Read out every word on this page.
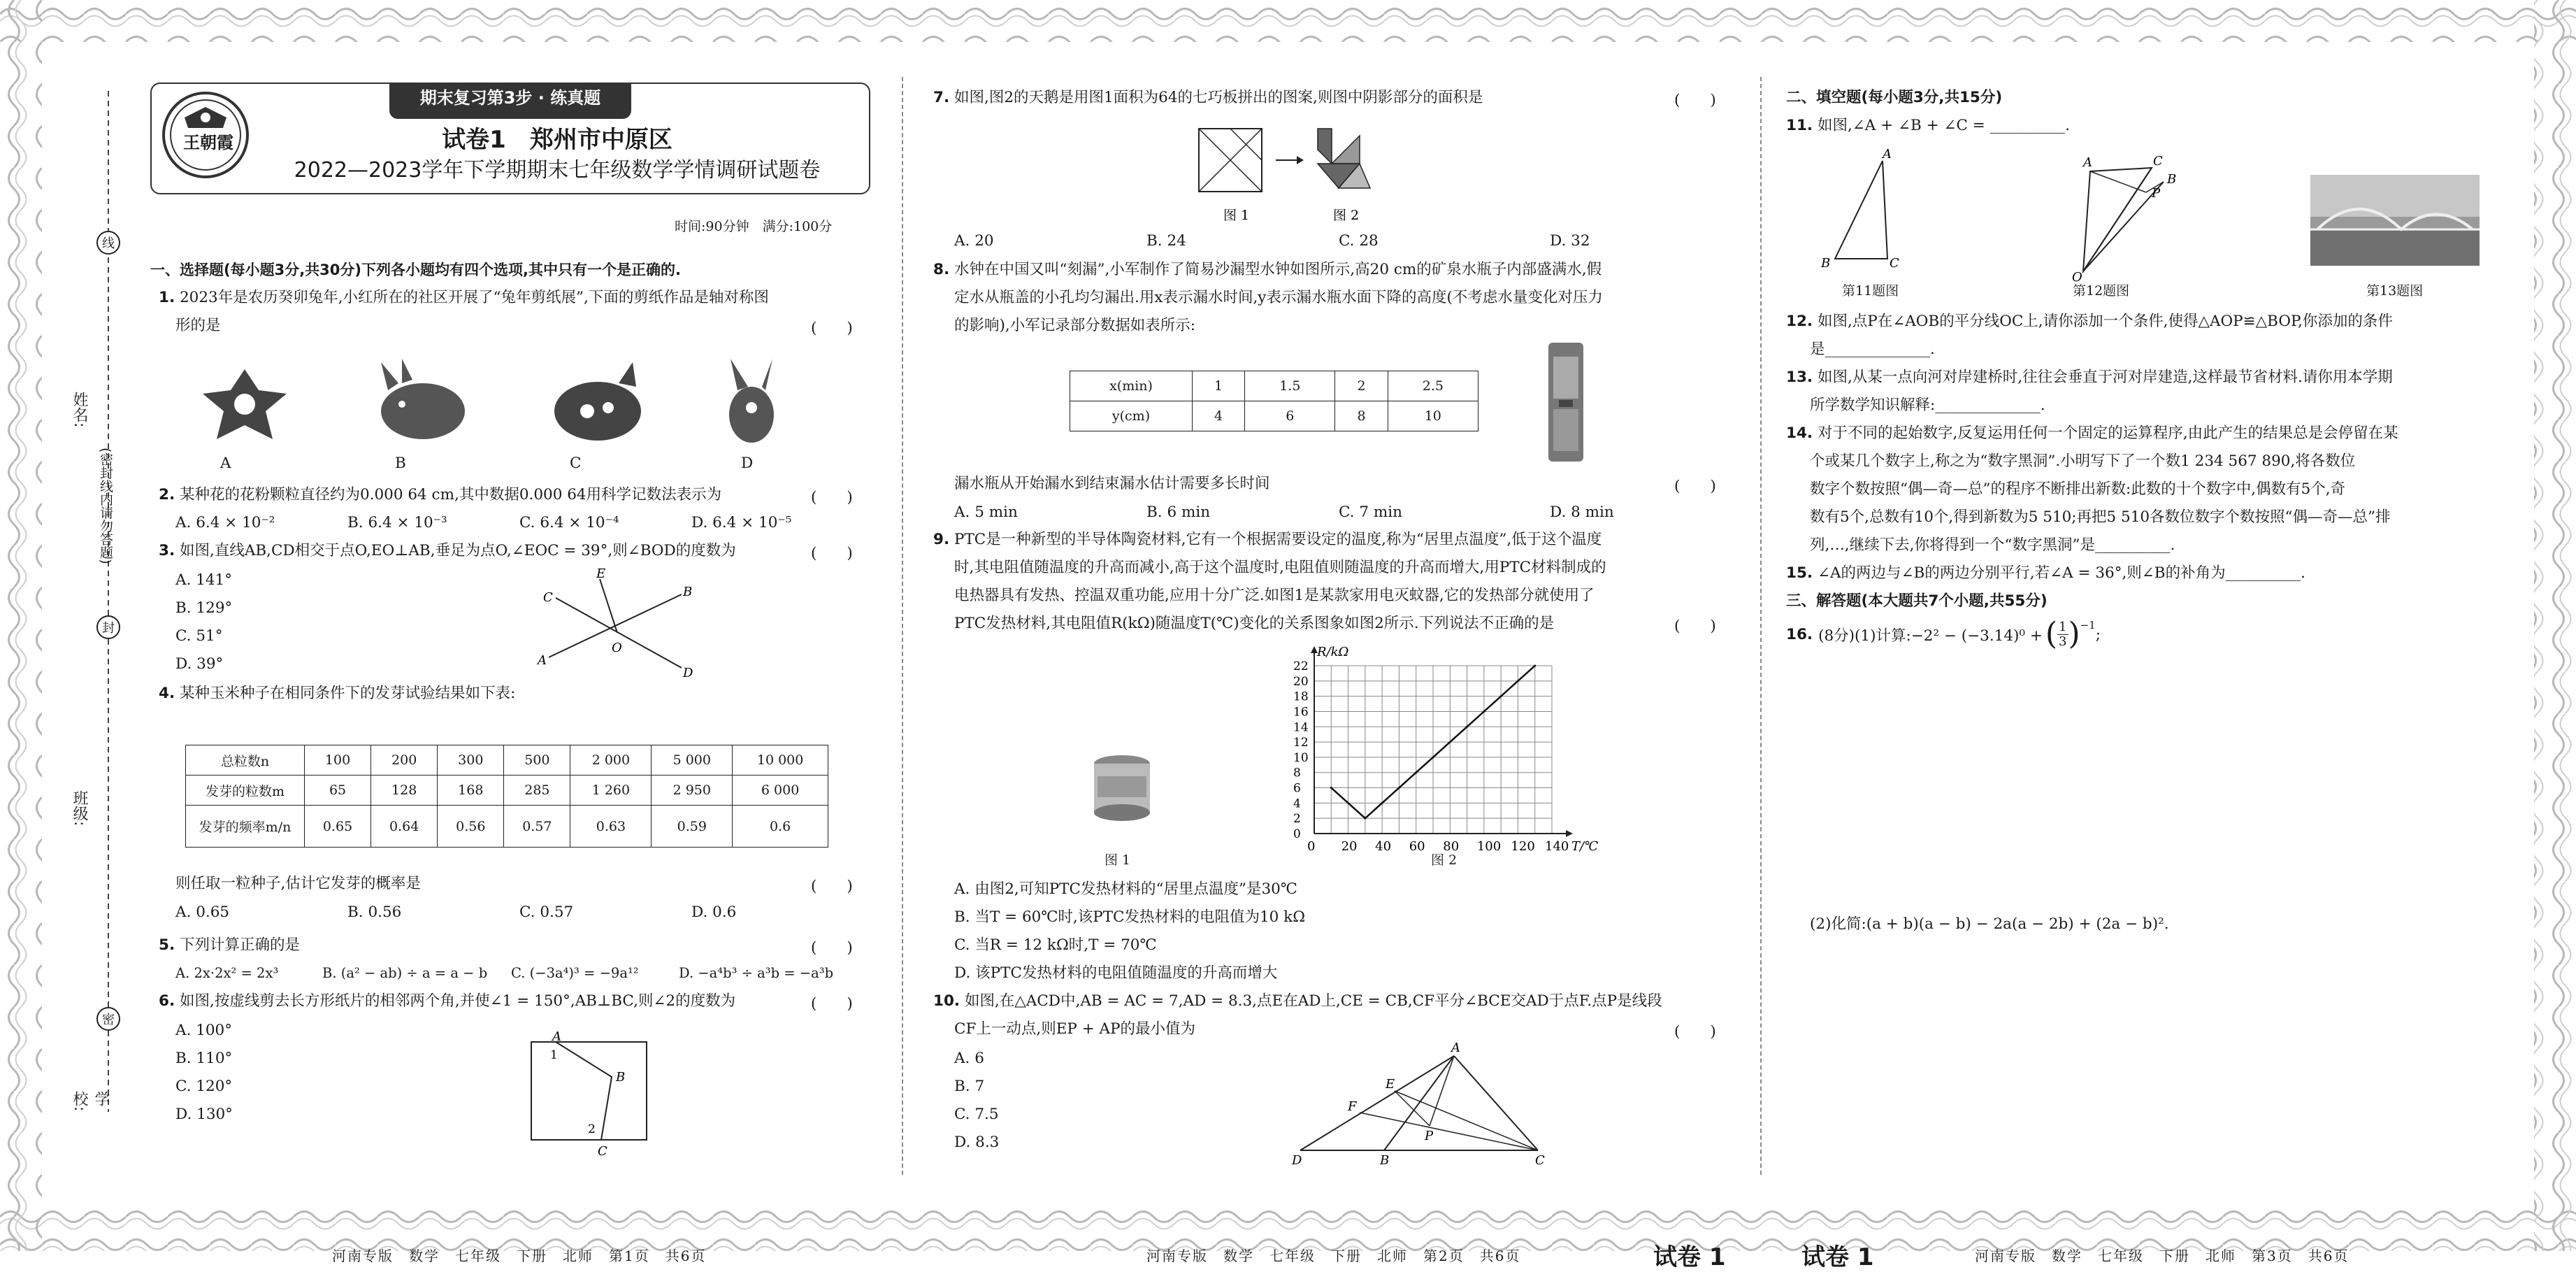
线
封
密
姓名:
班级:
学校:
(密封线内请勿答题)
期末复习第3步 · 练真题
王朝霞	试卷1　郑州市中原区
2022—2023学年下学期期末七年级数学学情调研试题卷
时间:90分钟　满分:100分
一、选择题(每小题3分,共30分)下列各小题均有四个选项,其中只有一个是正确的.
1. 2023年是农历癸卯兔年,小红所在的社区开展了“兔年剪纸展”,下面的剪纸作品是轴对称图
形的是	(　　)
A	B	C	D
2. 某种花的花粉颗粒直径约为0.000 64 cm,其中数据0.000 64用科学记数法表示为	(　　)
A. 6.4 × 10⁻²	B. 6.4 × 10⁻³	C. 6.4 × 10⁻⁴	D. 6.4 × 10⁻⁵
3. 如图,直线AB,CD相交于点O,EO⊥AB,垂足为点O,∠EOC = 39°,则∠BOD的度数为	(　　)
A. 141°
B. 129°
C. 51°
D. 39°
E
C	B
A
O
D
4. 某种玉米种子在相同条件下的发芽试验结果如下表:
总粒数n	100	200	300	500	2 000	5 000	10 000
发芽的粒数m	65	128	168	285	1 260	2 950	6 000
发芽的频率m/n	0.65	0.64	0.56	0.57	0.63	0.59	0.6
则任取一粒种子,估计它发芽的概率是	(　　)
A. 0.65	B. 0.56	C. 0.57	D. 0.6
5. 下列计算正确的是	(　　)
A. 2x·2x² = 2x³	B. (a² − ab) ÷ a = a − b	C. (−3a⁴)³ = −9a¹²	D. −a⁴b³ ÷ a³b = −a³b
6. 如图,按虚线剪去长方形纸片的相邻两个角,并使∠1 = 150°,AB⊥BC,则∠2的度数为	(　　)
A. 100°
B. 110°
C. 120°
D. 130°
A
1
B
2
C
河南专版　数学　七年级　下册　北师　第1页　共6页
7. 如图,图2的天鹅是用图1面积为64的七巧板拼出的图案,则图中阴影部分的面积是	(　　)
图 1	图 2
A. 20	B. 24	C. 28	D. 32
8. 水钟在中国又叫“刻漏”,小军制作了简易沙漏型水钟如图所示,高20 cm的矿泉水瓶子内部盛满水,假
定水从瓶盖的小孔均匀漏出.用x表示漏水时间,y表示漏水瓶水面下降的高度(不考虑水量变化对压力
的影响),小军记录部分数据如表所示:
x(min)	1	1.5	2	2.5
y(cm)	4	6	8	10
漏水瓶从开始漏水到结束漏水估计需要多长时间	(　　)
A. 5 min	B. 6 min	C. 7 min	D. 8 min
9. PTC是一种新型的半导体陶瓷材料,它有一个根据需要设定的温度,称为“居里点温度”,低于这个温度
时,其电阻值随温度的升高而减小,高于这个温度时,电阻值则随温度的升高而增大,用PTC材料制成的
电热器具有发热、控温双重功能,应用十分广泛.如图1是某款家用电灭蚊器,它的发热部分就使用了
PTC发热材料,其电阻值R(kΩ)随温度T(℃)变化的关系图象如图2所示.下列说法不正确的是	(　　)
图 1
0 20 40 60 80 100 120 140
0
2
4
6
8
10
12
14
16
18
20
22
T/℃
R/kΩ
图 2
A. 由图2,可知PTC发热材料的“居里点温度”是30℃
B. 当T = 60℃时,该PTC发热材料的电阻值为10 kΩ
C. 当R = 12 kΩ时,T = 70℃
D. 该PTC发热材料的电阻值随温度的升高而增大
10. 如图,在△ACD中,AB = AC = 7,AD = 8.3,点E在AD上,CE = CB,CF平分∠BCE交AD于点F.点P是线段
CF上一动点,则EP + AP的最小值为	(　　)
A. 6
B. 7
C. 7.5
D. 8.3
A
E
F
P
D	B	C
河南专版　数学　七年级　下册　北师　第2页　共6页	试卷 1
二、填空题(每小题3分,共15分)
11. 如图,∠A + ∠B + ∠C = __________.
A
B	C
第11题图
A	C
P
B
O
第12题图	第13题图
12. 如图,点P在∠AOB的平分线OC上,请你添加一个条件,使得△AOP≌△BOP,你添加的条件
是______________.
13. 如图,从某一点向河对岸建桥时,往往会垂直于河对岸建造,这样最节省材料.请你用本学期
所学数学知识解释:______________.
14. 对于不同的起始数字,反复运用任何一个固定的运算程序,由此产生的结果总是会停留在某
个或某几个数字上,称之为“数字黑洞”.小明写下了一个数1 234 567 890,将各数位
数字个数按照“偶—奇—总”的程序不断排出新数:此数的十个数字中,偶数有5个,奇
数有5个,总数有10个,得到新数为5 510;再把5 510各数位数字个数按照“偶—奇—总”排
列,…,继续下去,你将得到一个“数字黑洞”是__________.
15. ∠A的两边与∠B的两边分别平行,若∠A = 36°,则∠B的补角为__________.
三、解答题(本大题共7个小题,共55分)
16. (8分)(1)计算:−2² − (−3.14)⁰ + ( $\frac{1}{3} )^{-1}$
;
(2)化简:(a + b)(a − b) − 2a(a − 2b) + (2a − b)².
试卷 1	河南专版　数学　七年级　下册　北师　第3页　共6页
